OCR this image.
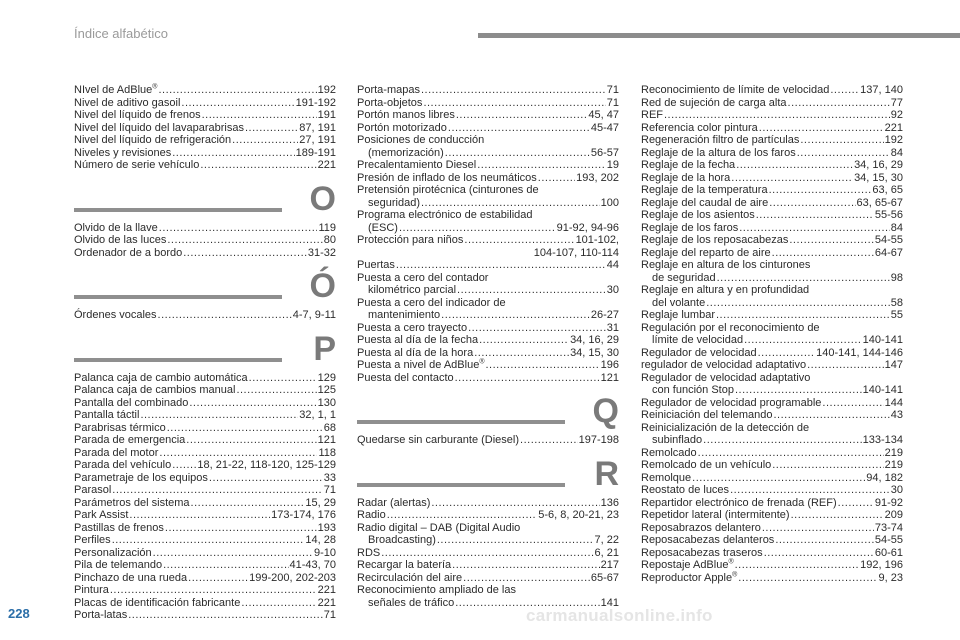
Índice alfabético
NIvel de AdBlue® .....	192
Nivel de aditivo gasoil .....	191-192
Nivel del líquido de frenos .....	191
Nivel del líquido del lavaparabrisas .....	87, 191
Nivel del líquido de refrigeración .....	27, 191
Niveles y revisiones .....	189-191
Número de serie vehículo .....	221
O
Olvido de la llave .....	119
Olvido de las luces .....	80
Ordenador de a bordo .....	31-32
Ó
Órdenes vocales .....	4-7, 9-11
P
Palanca caja de cambio automática .....	129
Palanca caja de cambios manual .....	125
Pantalla del combinado .....	130
Pantalla táctil .....	32, 1, 1
Parabrisas térmico .....	68
Parada de emergencia .....	121
Parada del motor .....	118
Parada del vehículo ..... 18, 21-22, 118-120, 125-129
Parametraje de los equipos .....	33
Parasol .....	71
Parámetros del sistema .....	15, 29
Park Assist .....	173-174, 176
Pastillas de frenos .....	193
Perfiles .....	14, 28
Personalización .....	9-10
Pila de telemando .....	41-43, 70
Pinchazo de una rueda .....	199-200, 202-203
Pintura .....	221
Placas de identificación fabricante .....	221
Porta-latas .....	71
Porta-mapas .....	71
Porta-objetos .....	71
Portón manos libres .....	45, 47
Portón motorizado .....	45-47
Posiciones de conducción
(memorización) .....	56-57
Precalentamiento Diesel .....	19
Presión de inflado de los neumáticos .....	193, 202
Pretensión pirotécnica (cinturones de
seguridad) .....	100
Programa electrónico de estabilidad
(ESC) .....	91-92, 94-96
Protección para niños .....	101-102,
104-107, 110-114
Puertas .....	44
Puesta a cero del contador
kilométrico parcial .....	30
Puesta a cero del indicador de
mantenimiento .....	26-27
Puesta a cero trayecto .....	31
Puesta al día de la fecha .....	34, 16, 29
Puesta al día de la hora .....	34, 15, 30
Puesta a nivel de AdBlue® .....	196
Puesta del contacto .....	121
Q
Quedarse sin carburante (Diesel) .....	197-198
R
Radar (alertas) .....	136
Radio .....	5-6, 8, 20-21, 23
Radio digital – DAB (Digital Audio
Broadcasting) .....	7, 22
RDS .....	6, 21
Recargar la batería .....	217
Recirculación del aire .....	65-67
Reconocimiento ampliado de las
señales de tráfico .....	141
Reconocimiento de límite de velocidad .....	137, 140
Red de sujeción de carga alta .....	77
REF .....	92
Referencia color pintura .....	221
Regeneración filtro de partículas .....	192
Reglaje de la altura de los faros .....	84
Reglaje de la fecha .....	34, 16, 29
Reglaje de la hora .....	34, 15, 30
Reglaje de la temperatura .....	63, 65
Reglaje del caudal de aire .....	63, 65-67
Reglaje de los asientos .....	55-56
Reglaje de los faros .....	84
Reglaje de los reposacabezas .....	54-55
Reglaje del reparto de aire .....	64-67
Reglaje en altura de los cinturones
de seguridad .....	98
Reglaje en altura y en profundidad
del volante .....	58
Reglaje lumbar .....	55
Regulación por el reconocimiento de
límite de velocidad .....	140-141
Regulador de velocidad .....	140-141, 144-146
regulador de velocidad adaptativo .....	147
Regulador de velocidad adaptativo
con función Stop .....	140-141
Regulador de velocidad programable .....	144
Reiniciación del telemando .....	43
Reinicialización de la detección de
subinflado .....	133-134
Remolcado .....	219
Remolcado de un vehículo .....	219
Remolque .....	94, 182
Reostato de luces .....	30
Repartidor electrónico de frenada (REF) .....	91-92
Repetidor lateral (intermitente) .....	209
Reposabrazos delantero .....	73-74
Reposacabezas delanteros .....	54-55
Reposacabezas traseros .....	60-61
Repostaje AdBlue® .....	192, 196
Reproductor Apple® .....	9, 23
228	carmanualsonline.info
